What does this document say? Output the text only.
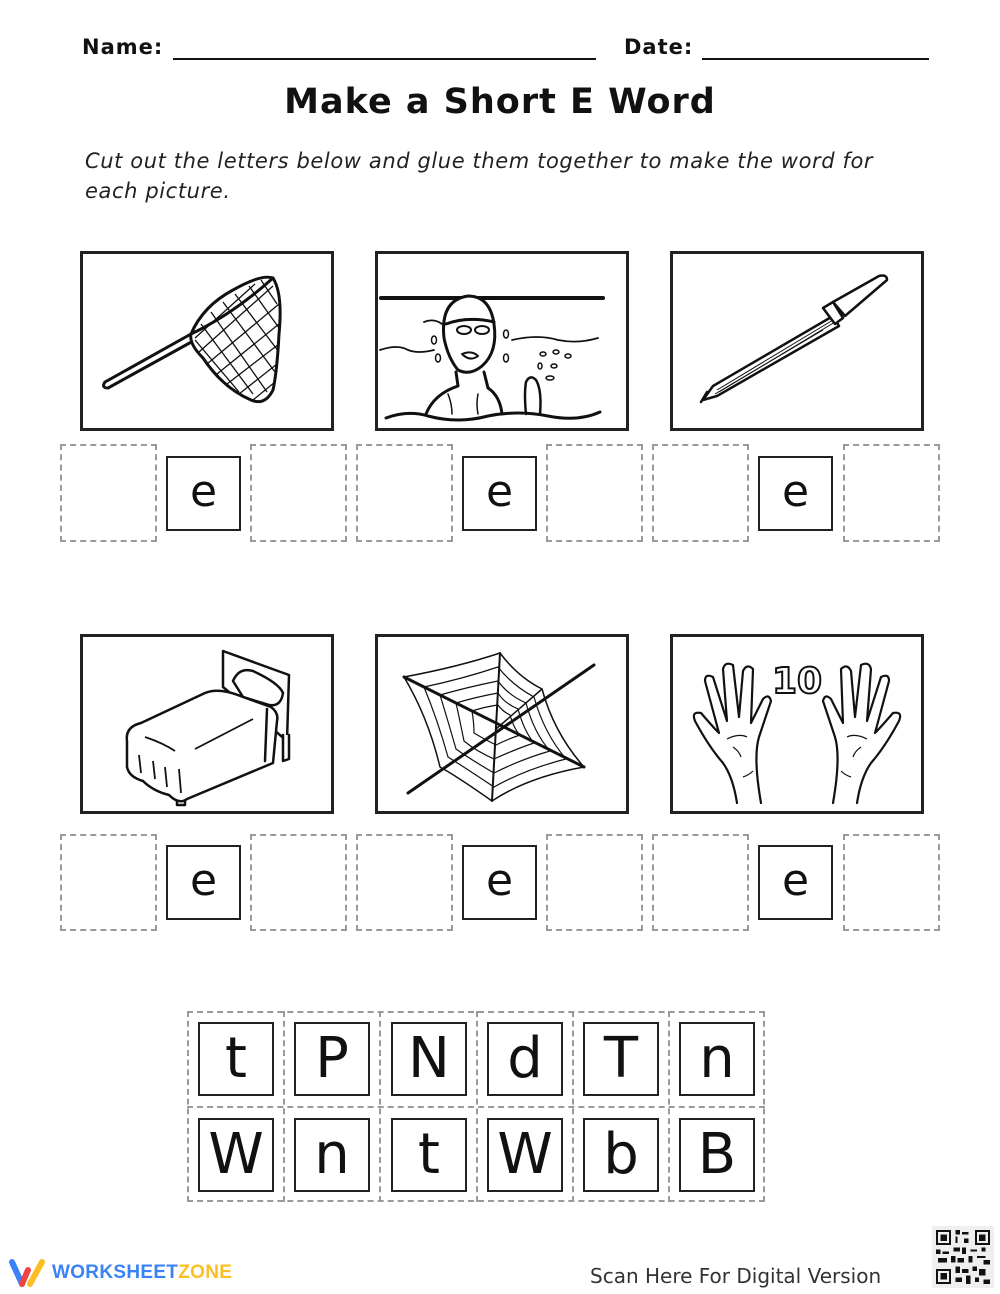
Name:	Date:
Make a Short E Word
Cut out the letters below and glue them together to make the word for each picture.
e	e	e
10
e	e	e
t P N d T n
W n t W b B
WORKSHEETZONE	Scan Here For Digital Version
